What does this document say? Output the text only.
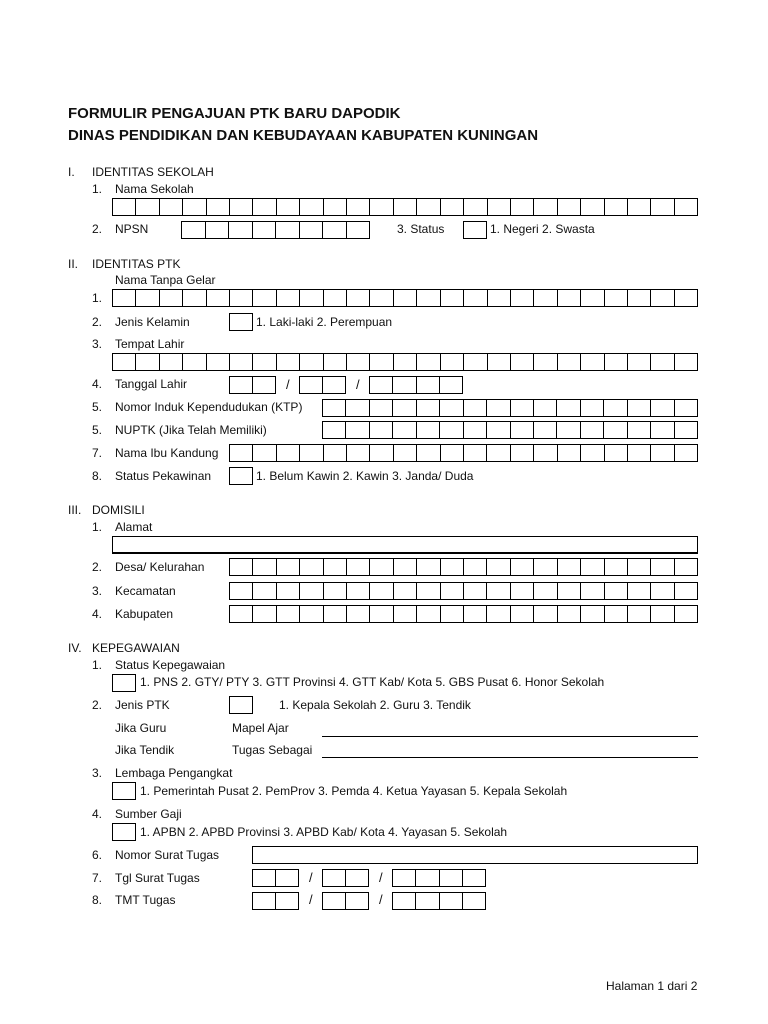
FORMULIR PENGAJUAN PTK BARU DAPODIK
DINAS PENDIDIKAN DAN KEBUDAYAAN KABUPATEN KUNINGAN
I. IDENTITAS SEKOLAH
1. Nama Sekolah
2. NPSN	3. Status	1. Negeri 2. Swasta
II. IDENTITAS PTK
Nama Tanpa Gelar
1.
2. Jenis Kelamin	1. Laki-laki 2. Perempuan
3. Tempat Lahir
4. Tanggal Lahir	/	/
5. Nomor Induk Kependudukan (KTP)
5. NUPTK (Jika Telah Memiliki)
7. Nama Ibu Kandung
8. Status Pekawinan	1. Belum Kawin 2. Kawin 3. Janda/ Duda
III. DOMISILI
1. Alamat
2. Desa/ Kelurahan
3. Kecamatan
4. Kabupaten
IV. KEPEGAWAIAN
1. Status Kepegawaian
1. PNS 2. GTY/ PTY 3. GTT Provinsi 4. GTT Kab/ Kota 5. GBS Pusat 6. Honor Sekolah
2. Jenis PTK	1. Kepala Sekolah 2. Guru 3. Tendik
Jika Guru	Mapel Ajar
Jika Tendik	Tugas Sebagai
3. Lembaga Pengangkat
1. Pemerintah Pusat 2. PemProv 3. Pemda 4. Ketua Yayasan 5. Kepala Sekolah
4. Sumber Gaji
1. APBN 2. APBD Provinsi 3. APBD Kab/ Kota 4. Yayasan 5. Sekolah
6. Nomor Surat Tugas
7. Tgl Surat Tugas	/	/
8. TMT Tugas	/	/
Halaman 1 dari 2
